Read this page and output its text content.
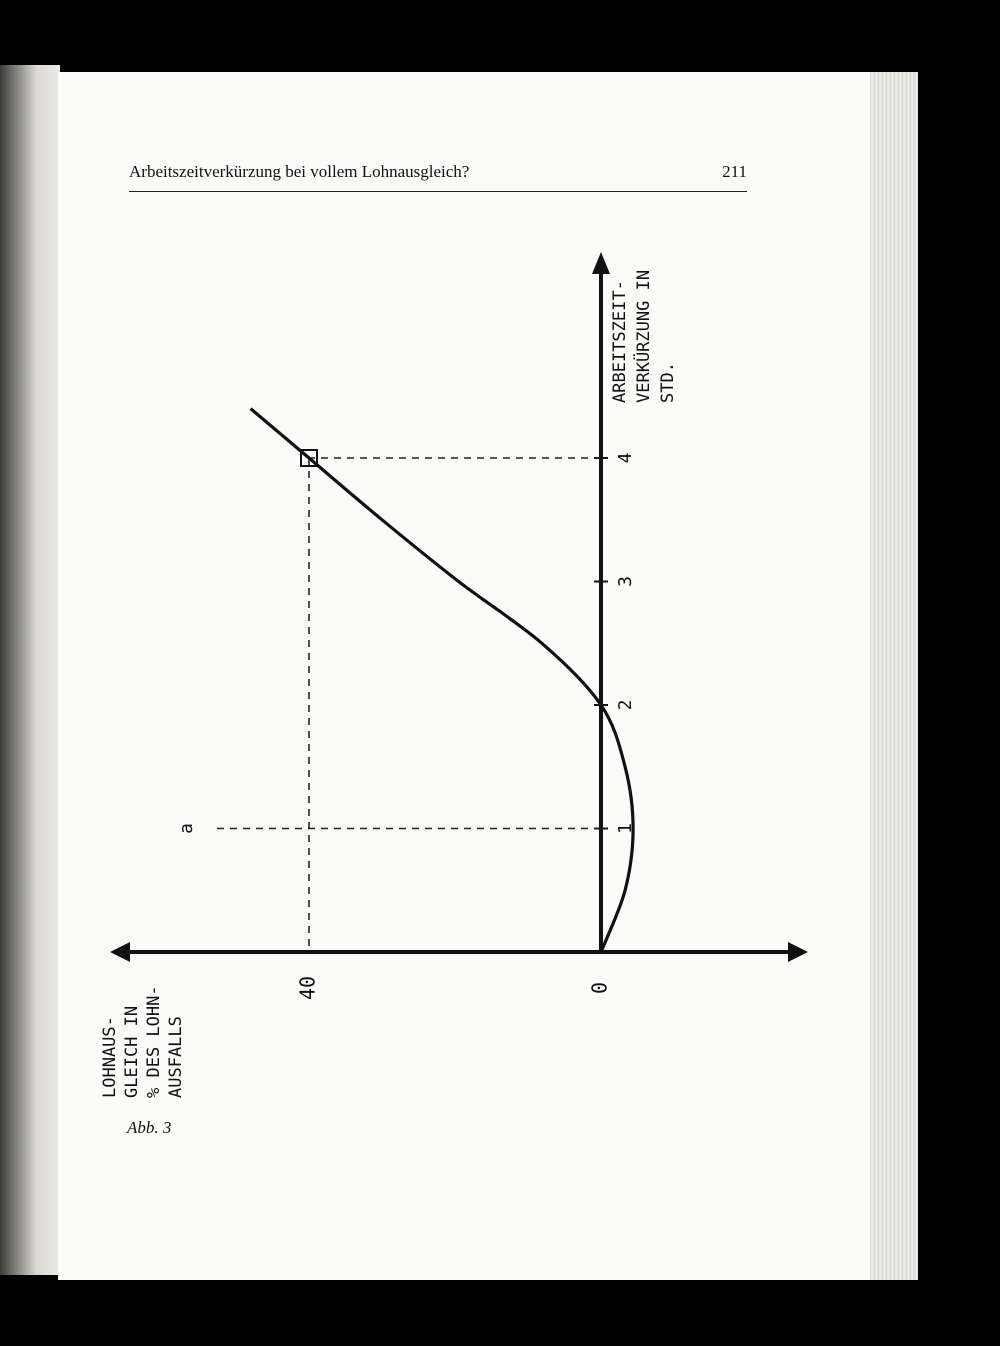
Arbeitszeitverkürzung bei vollem Lohnausgleich?	211
1
2
3
4
0
40
a
ARBEITSZEIT- VERKÜRZUNG IN STD.
LOHNAUS- GLEICH IN % DES LOHN- AUSFALLS
Abb. 3
